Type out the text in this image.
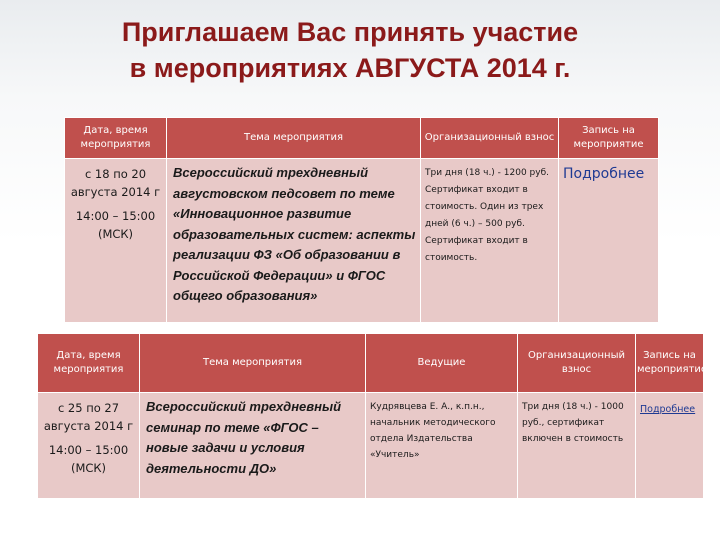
Приглашаем Вас принять участие
в мероприятиях АВГУСТА 2014 г.
Дата, время мероприятия	Тема мероприятия	Организационный взнос	Запись на мероприятие

с 18 по 20
августа 2014 г
14:00 – 15:00
(МСК)	Всероссийский трехдневный августовском педсовет по теме «Инновационное развитие образовательных систем: аспекты реализации ФЗ «Об образовании в Российской Федерации» и ФГОС общего образования»	Три дня (18 ч.) - 1200 руб. Сертификат входит в стоимость. Один из трех дней (6 ч.) – 500 руб. Сертификат входит в стоимость.	Подробнее
Дата, время мероприятия	Тема мероприятия	Ведущие	Организационный взнос	Запись на мероприятие

с 25 по 27
августа 2014 г
14:00 – 15:00
(МСК)	Всероссийский трехдневный семинар по теме «ФГОС – новые задачи и условия деятельности ДО»	Кудрявцева Е. А., к.п.н., начальник методического отдела Издательства «Учитель»	Три дня (18 ч.) - 1000 руб., сертификат включен в стоимость	Подробнее
